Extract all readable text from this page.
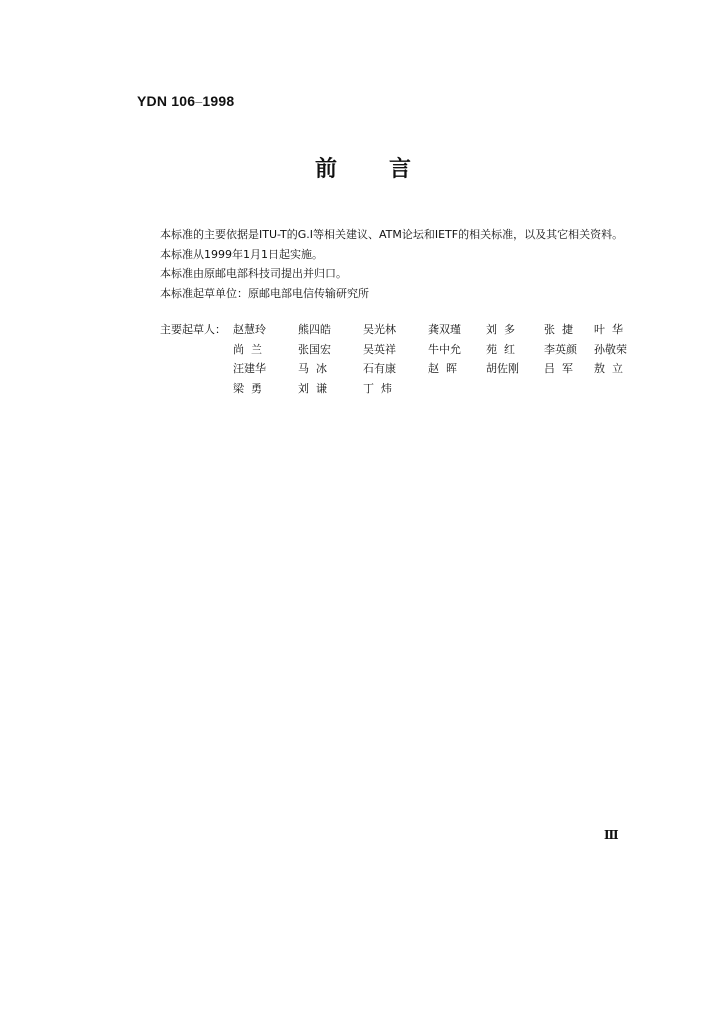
YDN 106—1998
前 言

本标准的主要依据是ITU-T的G.I等相关建议、ATM论坛和IETF的相关标准，以及其它相关资料。

本标准从1999年1月1日起实施。

本标准由原邮电部科技司提出并归口。

本标准起草单位：原邮电部电信传输研究所

主要起草人： 赵慧玲	熊四皓	吴光林	龚双瑾	刘  多	张  捷	叶  华
尚  兰	张国宏	吴英祥	牛中允	苑  红	李英颜	孙敬荣
汪建华	马  冰	石有康	赵  晖	胡佐刚	吕  军	敖  立
梁  勇	刘  谦	丁  炜
Ⅲ
